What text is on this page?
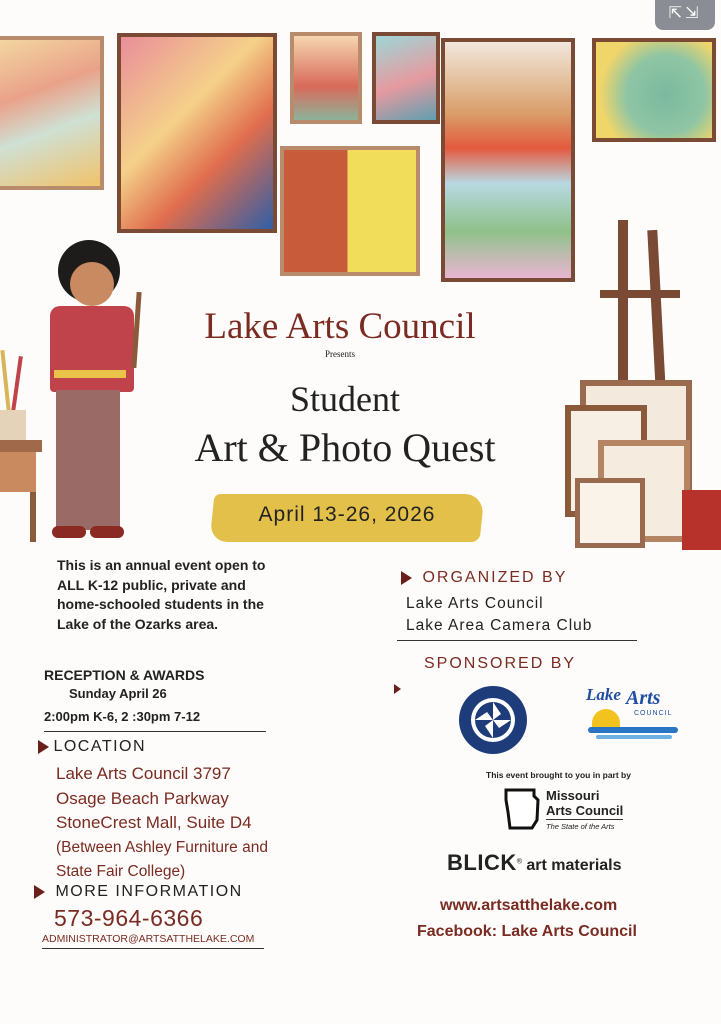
⇱⇲
Lake Arts Council
Presents
Student
Art & Photo Quest
April 13-26, 2026
This is an annual event open to
ALL K-12 public, private and
home-schooled students in the
Lake of the Ozarks area.
RECEPTION & AWARDS
Sunday April 26
2:00pm K-6, 2 :30pm 7-12
LOCATION
Lake Arts Council 3797
Osage Beach Parkway
StoneCrest Mall, Suite D4
(Between Ashley Furniture and
State Fair College)
MORE INFORMATION
573-964-6366
ADMINISTRATOR@ARTSATTHELAKE.COM
ORGANIZED BY
Lake Arts Council
Lake Area Camera Club
SPONSORED BY
Lake Arts
COUNCIL
This event brought to you in part by
Missouri
Arts Council
The State of the Arts
BLICK® art materials
www.artsatthelake.com
Facebook: Lake Arts Council
